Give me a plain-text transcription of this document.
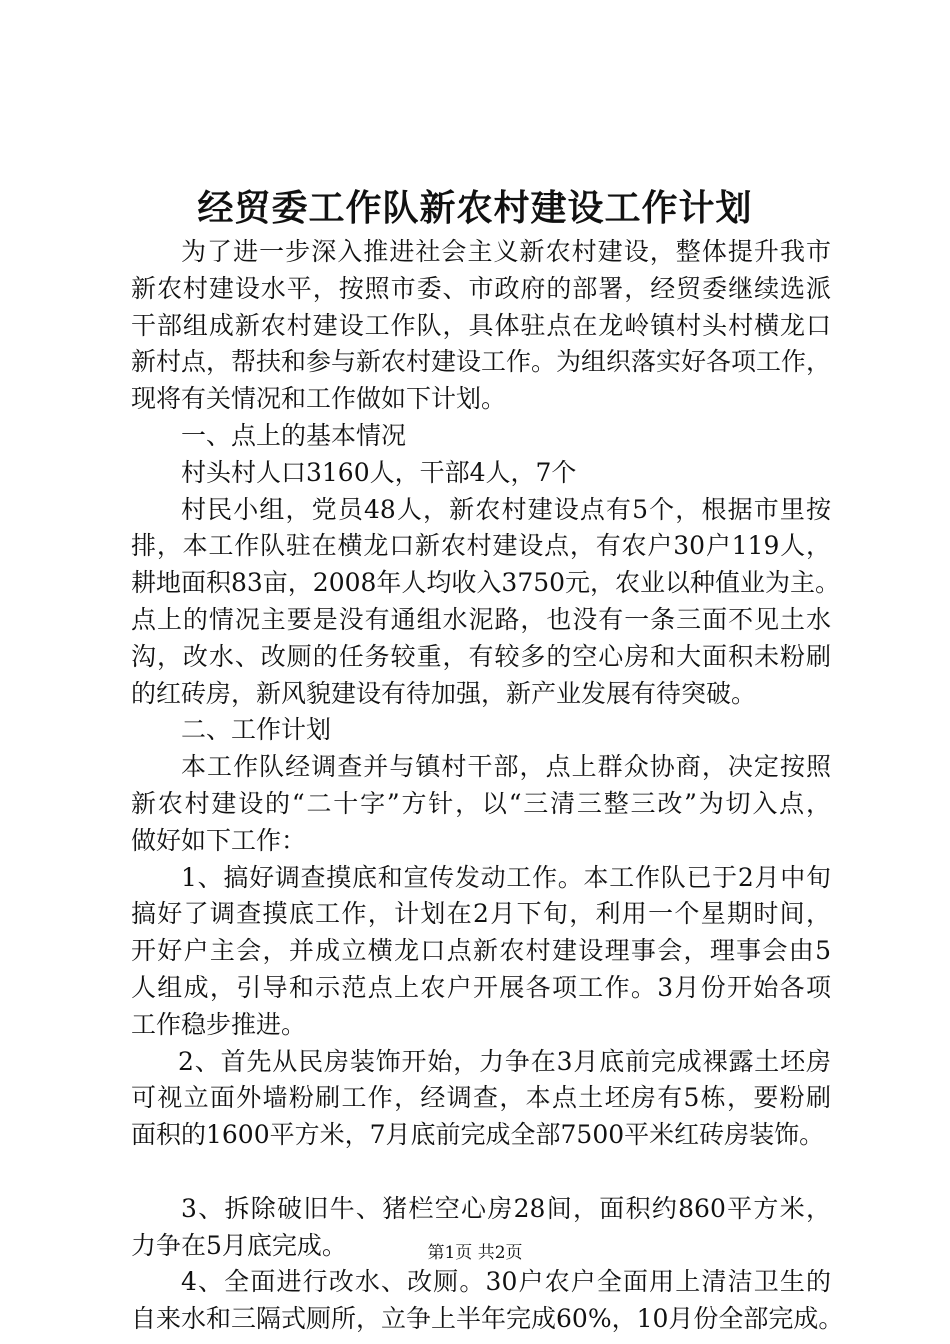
经贸委工作队新农村建设工作计划
为了进一步深入推进社会主义新农村建设，整体提升我市
新农村建设水平，按照市委、市政府的部署，经贸委继续选派
干部组成新农村建设工作队，具体驻点在龙岭镇村头村横龙口
新村点，帮扶和参与新农村建设工作。为组织落实好各项工作，
现将有关情况和工作做如下计划。
一、点上的基本情况
村头村人口3160人，干部4人，7个
村民小组，党员48人，新农村建设点有5个，根据市里按
排，本工作队驻在横龙口新农村建设点，有农户30户119人，
耕地面积83亩，2008年人均收入3750元，农业以种值业为主。
点上的情况主要是没有通组水泥路，也没有一条三面不见土水
沟，改水、改厕的任务较重，有较多的空心房和大面积未粉刷
的红砖房，新风貌建设有待加强，新产业发展有待突破。
二、工作计划
本工作队经调查并与镇村干部，点上群众协商，决定按照
新农村建设的“二十字”方针，以“三清三整三改”为切入点，
做好如下工作：
1、搞好调查摸底和宣传发动工作。本工作队已于2月中旬
搞好了调查摸底工作，计划在2月下旬，利用一个星期时间，
开好户主会，并成立横龙口点新农村建设理事会，理事会由5
人组成，引导和示范点上农户开展各项工作。3月份开始各项
工作稳步推进。
2、首先从民房装饰开始，力争在3月底前完成裸露土坯房
可视立面外墙粉刷工作，经调查，本点土坯房有5栋，要粉刷
面积的1600平方米，7月底前完成全部7500平米红砖房装饰。
3、拆除破旧牛、猪栏空心房28间，面积约860平方米，
力争在5月底完成。
4、全面进行改水、改厕。30户农户全面用上清洁卫生的
自来水和三隔式厕所，立争上半年完成60%，10月份全部完成。
第1页 共2页
